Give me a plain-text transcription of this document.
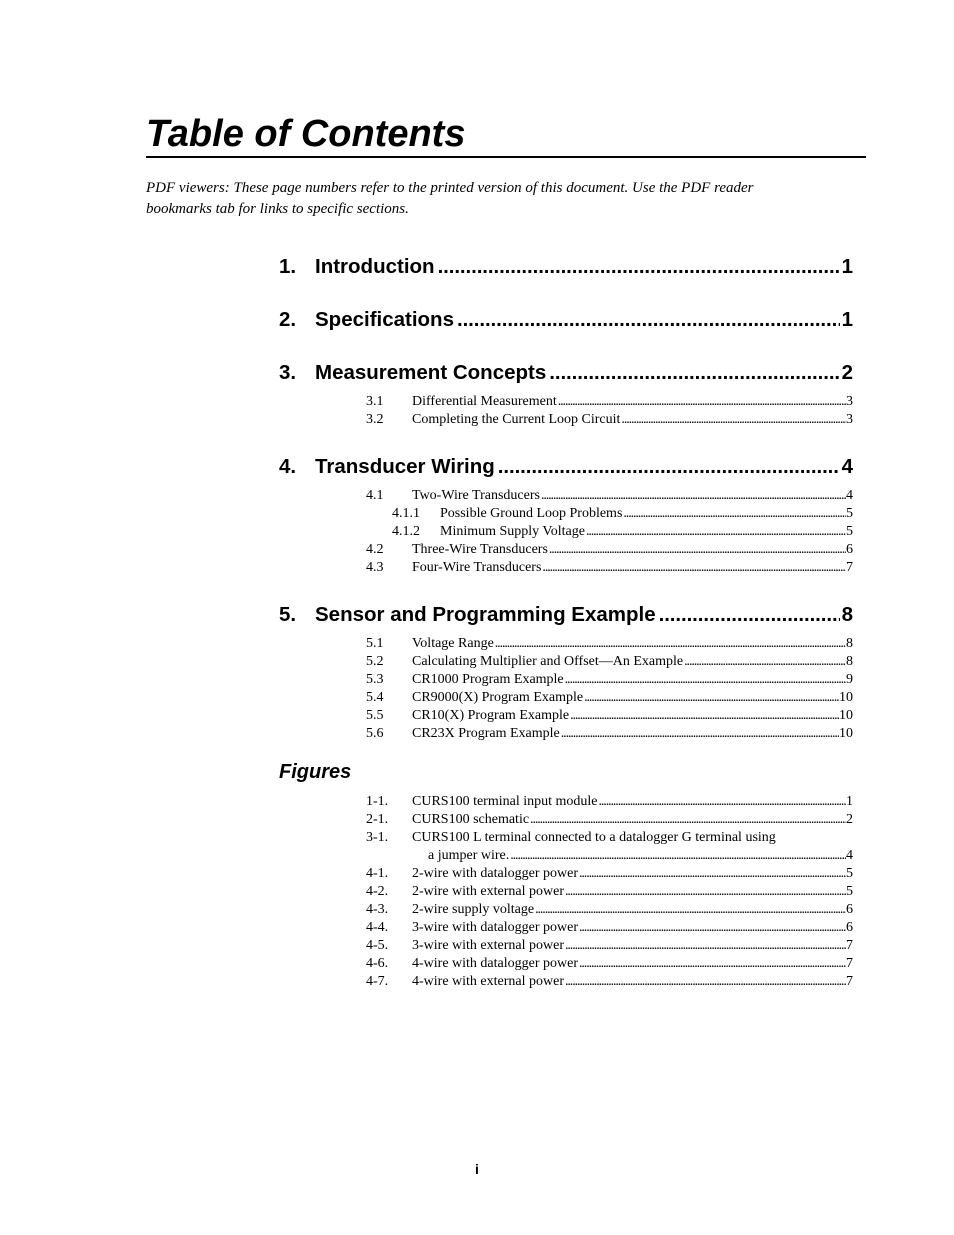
Table of Contents
PDF viewers: These page numbers refer to the printed version of this document. Use the PDF reader bookmarks tab for links to specific sections.
1. Introduction . . .	1
2. Specifications . . .	1
3. Measurement Concepts . . .	2
3.1	Differential Measurement . . .	3
3.2	Completing the Current Loop Circuit . . .	3
4. Transducer Wiring . . .	4
4.1	Two-Wire Transducers . . .	4
4.1.1	Possible Ground Loop Problems . . .	5
4.1.2	Minimum Supply Voltage . . .	5
4.2	Three-Wire Transducers . . .	6
4.3	Four-Wire Transducers . . .	7
5. Sensor and Programming Example . . .	8
5.1	Voltage Range . . .	8
5.2	Calculating Multiplier and Offset—An Example . . .	8
5.3	CR1000 Program Example . . .	9
5.4	CR9000(X) Program Example . . .	10
5.5	CR10(X) Program Example . . .	10
5.6	CR23X Program Example . . .	10
Figures
1-1.	CURS100 terminal input module . . .	1
2-1.	CURS100 schematic . . .	2
3-1.	CURS100 L terminal connected to a datalogger G terminal using
a jumper wire. . . .	4
4-1.	2-wire with datalogger power . . .	5
4-2.	2-wire with external power . . .	5
4-3.	2-wire supply voltage . . .	6
4-4.	3-wire with datalogger power . . .	6
4-5.	3-wire with external power . . .	7
4-6.	4-wire with datalogger power . . .	7
4-7.	4-wire with external power . . .	7
i
